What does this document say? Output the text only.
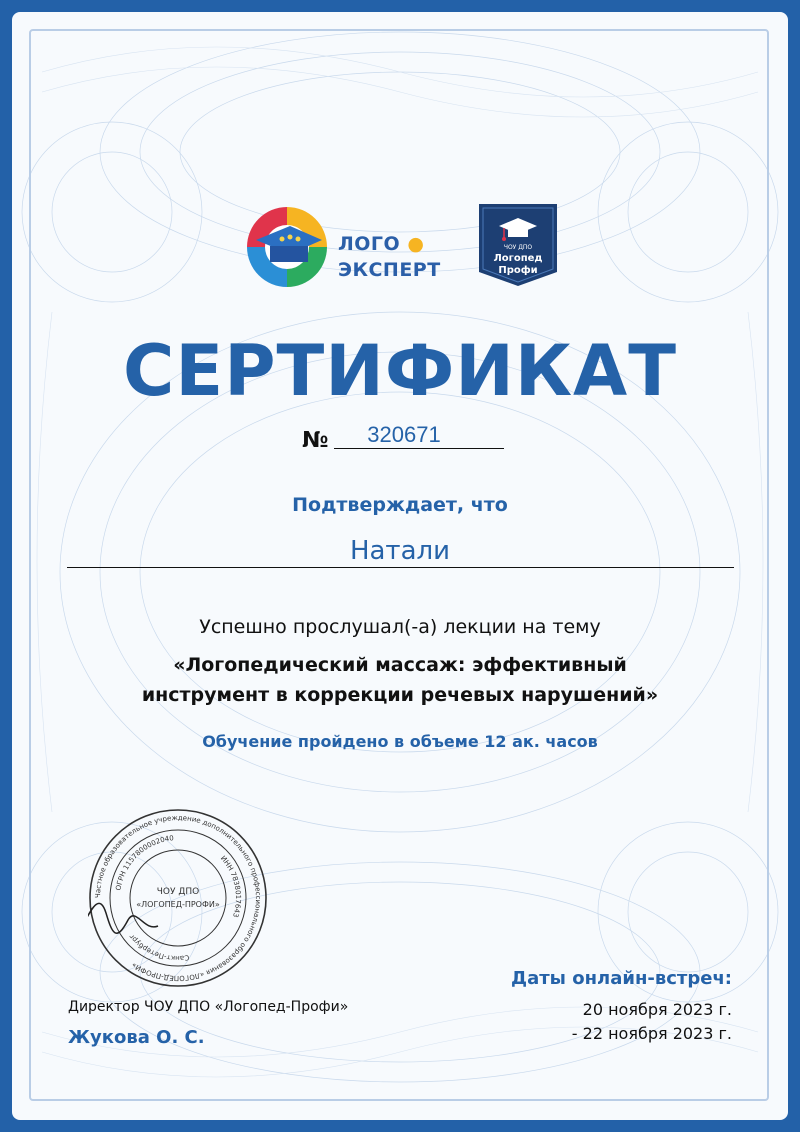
ЛОГО ●
ЭКСПЕРТ
ЧОУ ДПО
Логопед
Профи
СЕРТИФИКАТ
№	320671
Подтверждает, что
Натали
Успешно прослушал(-а) лекции на тему
«Логопедический массаж: эффективный
инструмент в коррекции речевых нарушений»
Обучение пройдено в объеме 12 ак. часов
Частное образовательное учреждение дополнительного профессионального образования «ЛОГОПЕД-ПРОФИ»
ОГРН 1157800002040
ИНН 7838017643
Санкт-Петербург
ЧОУ ДПО
«ЛОГОПЕД-ПРОФИ»
Директор ЧОУ ДПО «Логопед-Профи»
Жукова О. С.
Даты онлайн-встреч:
20 ноября 2023 г.
- 22 ноября 2023 г.
